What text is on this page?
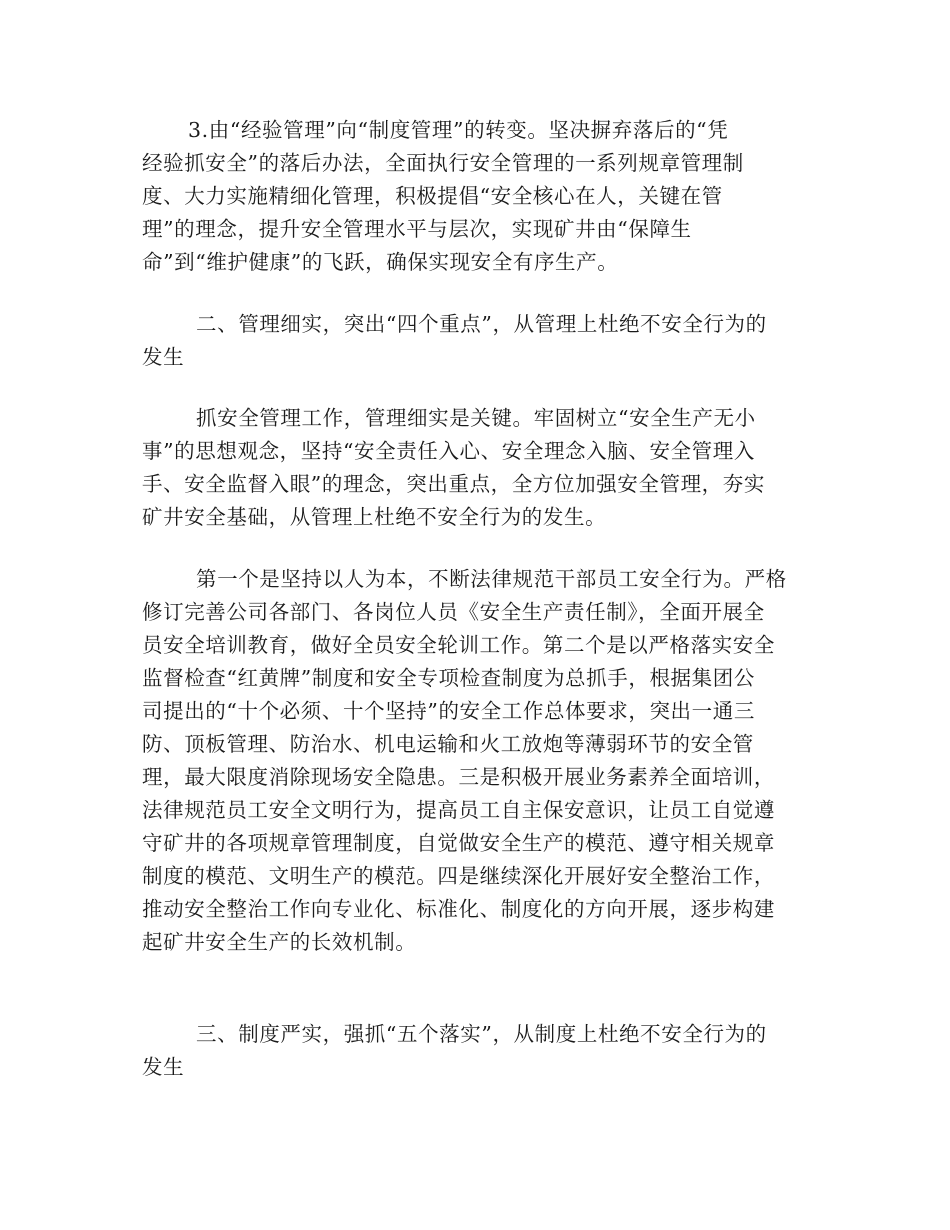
3.由“经验管理”向“制度管理”的转变。坚决摒弃落后的“凭
经验抓安全”的落后办法，全面执行安全管理的一系列规章管理制
度、大力实施精细化管理，积极提倡“安全核心在人，关键在管
理”的理念，提升安全管理水平与层次，实现矿井由“保障生
命”到“维护健康”的飞跃，确保实现安全有序生产。
二、管理细实，突出“四个重点”，从管理上杜绝不安全行为的
发生
抓安全管理工作，管理细实是关键。牢固树立“安全生产无小
事”的思想观念，坚持“安全责任入心、安全理念入脑、安全管理入
手、安全监督入眼”的理念，突出重点，全方位加强安全管理，夯实
矿井安全基础，从管理上杜绝不安全行为的发生。
第一个是坚持以人为本，不断法律规范干部员工安全行为。严格
修订完善公司各部门、各岗位人员《安全生产责任制》，全面开展全
员安全培训教育，做好全员安全轮训工作。第二个是以严格落实安全
监督检查“红黄牌”制度和安全专项检查制度为总抓手，根据集团公
司提出的“十个必须、十个坚持”的安全工作总体要求，突出一通三
防、顶板管理、防治水、机电运输和火工放炮等薄弱环节的安全管
理，最大限度消除现场安全隐患。三是积极开展业务素养全面培训，
法律规范员工安全文明行为，提高员工自主保安意识，让员工自觉遵
守矿井的各项规章管理制度，自觉做安全生产的模范、遵守相关规章
制度的模范、文明生产的模范。四是继续深化开展好安全整治工作，
推动安全整治工作向专业化、标准化、制度化的方向开展，逐步构建
起矿井安全生产的长效机制。
三、制度严实，强抓“五个落实”，从制度上杜绝不安全行为的
发生
